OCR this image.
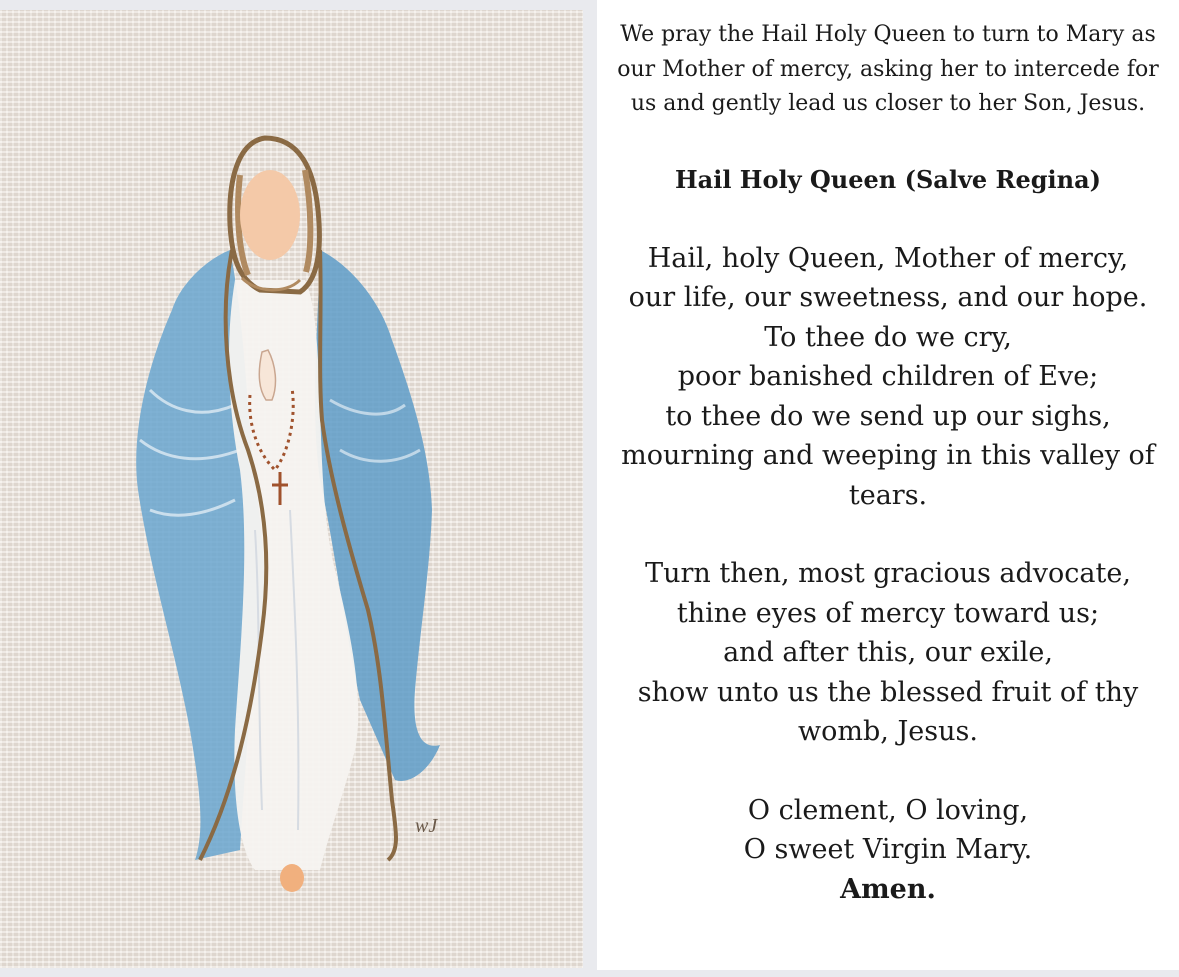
wJ

We pray the Hail Holy Queen to turn to Mary as our Mother of mercy, asking her to intercede for us and gently lead us closer to her Son, Jesus.

Hail Holy Queen (Salve Regina)

Hail, holy Queen, Mother of mercy,
our life, our sweetness, and our hope.
To thee do we cry,
poor banished children of Eve;
to thee do we send up our sighs,
mourning and weeping in this valley of tears.

Turn then, most gracious advocate,
thine eyes of mercy toward us;
and after this, our exile,
show unto us the blessed fruit of thy womb, Jesus.

O clement, O loving,
O sweet Virgin Mary.
Amen.
